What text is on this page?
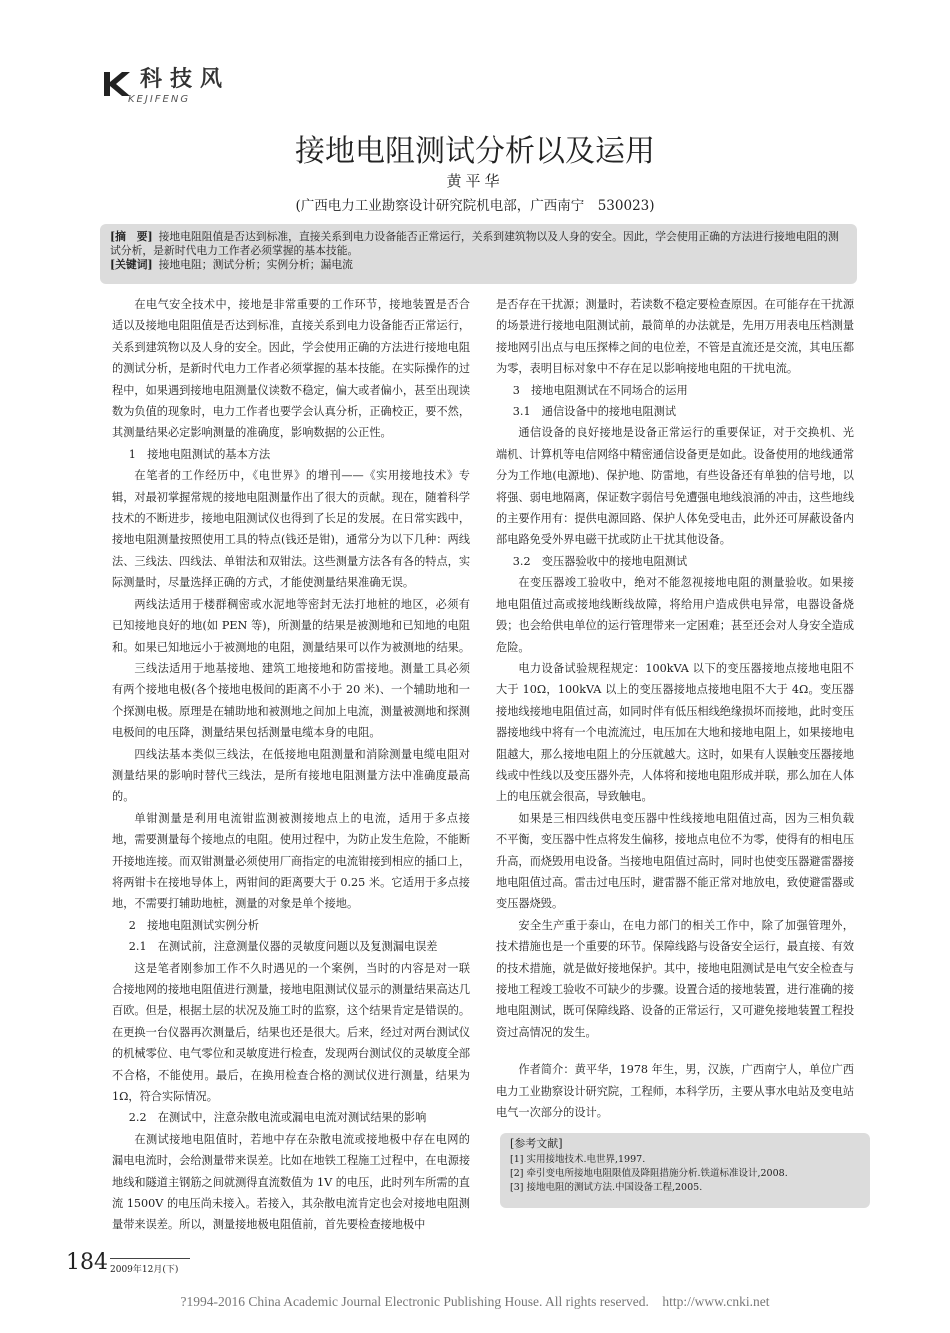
科技风
KEJIFENG
接地电阻测试分析以及运用
黄平华
(广西电力工业勘察设计研究院机电部，广西南宁　530023)
[摘　要] 接地电阻阻值是否达到标准，直接关系到电力设备能否正常运行，关系到建筑物以及人身的安全。因此，学会使用正确的方法进行接地电阻的测试分析，是新时代电力工作者必须掌握的基本技能。
[关键词] 接地电阻；测试分析；实例分析；漏电流

在电气安全技术中，接地是非常重要的工作环节，接地装置是否合适以及接地电阻阻值是否达到标准，直接关系到电力设备能否正常运行，关系到建筑物以及人身的安全。因此，学会使用正确的方法进行接地电阻的测试分析，是新时代电力工作者必须掌握的基本技能。在实际操作的过程中，如果遇到接地电阻测量仪读数不稳定，偏大或者偏小，甚至出现读数为负值的现象时，电力工作者也要学会认真分析，正确校正，要不然，其测量结果必定影响测量的准确度，影响数据的公正性。

1　接地电阻测试的基本方法

在笔者的工作经历中，《电世界》的增刊——《实用接地技术》专辑，对最初掌握常规的接地电阻测量作出了很大的贡献。现在，随着科学技术的不断进步，接地电阻测试仪也得到了长足的发展。在日常实践中，接地电阻测量按照使用工具的特点(钱还是钳)，通常分为以下几种：两线法、三线法、四线法、单钳法和双钳法。这些测量方法各有各的特点，实际测量时，尽量选择正确的方式，才能使测量结果准确无误。

两线法适用于楼群稠密或水泥地等密封无法打地桩的地区，必须有已知接地良好的地(如 PEN 等)，所测量的结果是被测地和已知地的电阻和。如果已知地远小于被测地的电阻，测量结果可以作为被测地的结果。

三线法适用于地基接地、建筑工地接地和防雷接地。测量工具必须有两个接地电极(各个接地电极间的距离不小于 20 米)、一个辅助地和一个探测电极。原理是在辅助地和被测地之间加上电流，测量被测地和探测电极间的电压降，测量结果包括测量电缆本身的电阻。

四线法基本类似三线法，在低接地电阻测量和消除测量电缆电阻对测量结果的影响时替代三线法，是所有接地电阻测量方法中准确度最高的。

单钳测量是利用电流钳监测被测接地点上的电流，适用于多点接地，需要测量每个接地点的电阻。使用过程中，为防止发生危险，不能断开接地连接。而双钳测量必须使用厂商指定的电流钳接到相应的插口上，将两钳卡在接地导体上，两钳间的距离要大于 0.25 米。它适用于多点接地，不需要打辅助地桩，测量的对象是单个接地。

2　接地电阻测试实例分析
2.1　在测试前，注意测量仪器的灵敏度问题以及复测漏电误差

这是笔者刚参加工作不久时遇见的一个案例，当时的内容是对一联合接地网的接地电阻值进行测量，接地电阻测试仪显示的测量结果高达几百欧。但是，根据土层的状况及施工时的监察，这个结果肯定是错误的。在更换一台仪器再次测量后，结果也还是很大。后来，经过对两台测试仪的机械零位、电气零位和灵敏度进行检查，发现两台测试仪的灵敏度全部不合格，不能使用。最后，在换用检查合格的测试仪进行测量，结果为 1Ω，符合实际情况。

2.2　在测试中，注意杂散电流或漏电电流对测试结果的影响

在测试接地电阻值时，若地中存在杂散电流或接地极中存在电网的漏电电流时，会给测量带来误差。比如在地铁工程施工过程中，在电源接地线和隧道主钢筋之间就测得直流数值为 1V 的电压，此时列车所需的直流 1500V 的电压尚未接入。若接入，其杂散电流肯定也会对接地电阻测量带来误差。所以，测量接地极电阻值前，首先要检查接地极中

是否存在干扰源；测量时，若读数不稳定要检查原因。在可能存在干扰源的场景进行接地电阻测试前，最简单的办法就是，先用万用表电压档测量接地网引出点与电压探棒之间的电位差，不管是直流还是交流，其电压都为零，表明目标对象中不存在足以影响接地电阻的干扰电流。

3　接地电阻测试在不同场合的运用
3.1　通信设备中的接地电阻测试

通信设备的良好接地是设备正常运行的重要保证，对于交换机、光端机、计算机等电信网络中精密通信设备更是如此。设备使用的地线通常分为工作地(电源地)、保护地、防雷地，有些设备还有单独的信号地，以将强、弱电地隔离，保证数字弱信号免遭强电地线浪涌的冲击，这些地线的主要作用有：提供电源回路、保护人体免受电击，此外还可屏蔽设备内部电路免受外界电磁干扰或防止干扰其他设备。

3.2　变压器验收中的接地电阻测试

在变压器竣工验收中，绝对不能忽视接地电阻的测量验收。如果接地电阻值过高或接地线断线故障，将给用户造成供电异常，电器设备烧毁；也会给供电单位的运行管理带来一定困难；甚至还会对人身安全造成危险。

电力设备试验规程规定：100kVA 以下的变压器接地点接地电阻不大于 10Ω，100kVA 以上的变压器接地点接地电阻不大于 4Ω。变压器接地线接地电阻值过高，如同时伴有低压相线绝缘损坏而接地，此时变压器接地线中将有一个电流流过，电压加在大地和接地电阻上，如果接地电阻越大，那么接地电阻上的分压就越大。这时，如果有人误触变压器接地线或中性线以及变压器外壳，人体将和接地电阻形成并联，那么加在人体上的电压就会很高，导致触电。

如果是三相四线供电变压器中性线接地电阻值过高，因为三相负载不平衡，变压器中性点将发生偏移，接地点电位不为零，使得有的相电压升高，而烧毁用电设备。当接地电阻值过高时，同时也使变压器避雷器接地电阻值过高。雷击过电压时，避雷器不能正常对地放电，致使避雷器或变压器烧毁。

安全生产重于泰山，在电力部门的相关工作中，除了加强管理外，技术措施也是一个重要的环节。保障线路与设备安全运行，最直接、有效的技术措施，就是做好接地保护。其中，接地电阻测试是电气安全检查与接地工程竣工验收不可缺少的步骤。设置合适的接地装置，进行准确的接地电阻测试，既可保障线路、设备的正常运行，又可避免接地装置工程投资过高情况的发生。

作者简介：黄平华，1978 年生，男，汉族，广西南宁人，单位广西电力工业勘察设计研究院，工程师，本科学历，主要从事水电站及变电站电气一次部分的设计。

[参考文献]
[1] 实用接地技术.电世界,1997.
[2] 牵引变电所接地电阻限值及降阻措施分析.铁道标准设计,2008.
[3] 接地电阻的测试方法.中国设备工程,2005.
184 2009年12月(下)
?1994-2016 China Academic Journal Electronic Publishing House. All rights reserved.　http://www.cnki.net
